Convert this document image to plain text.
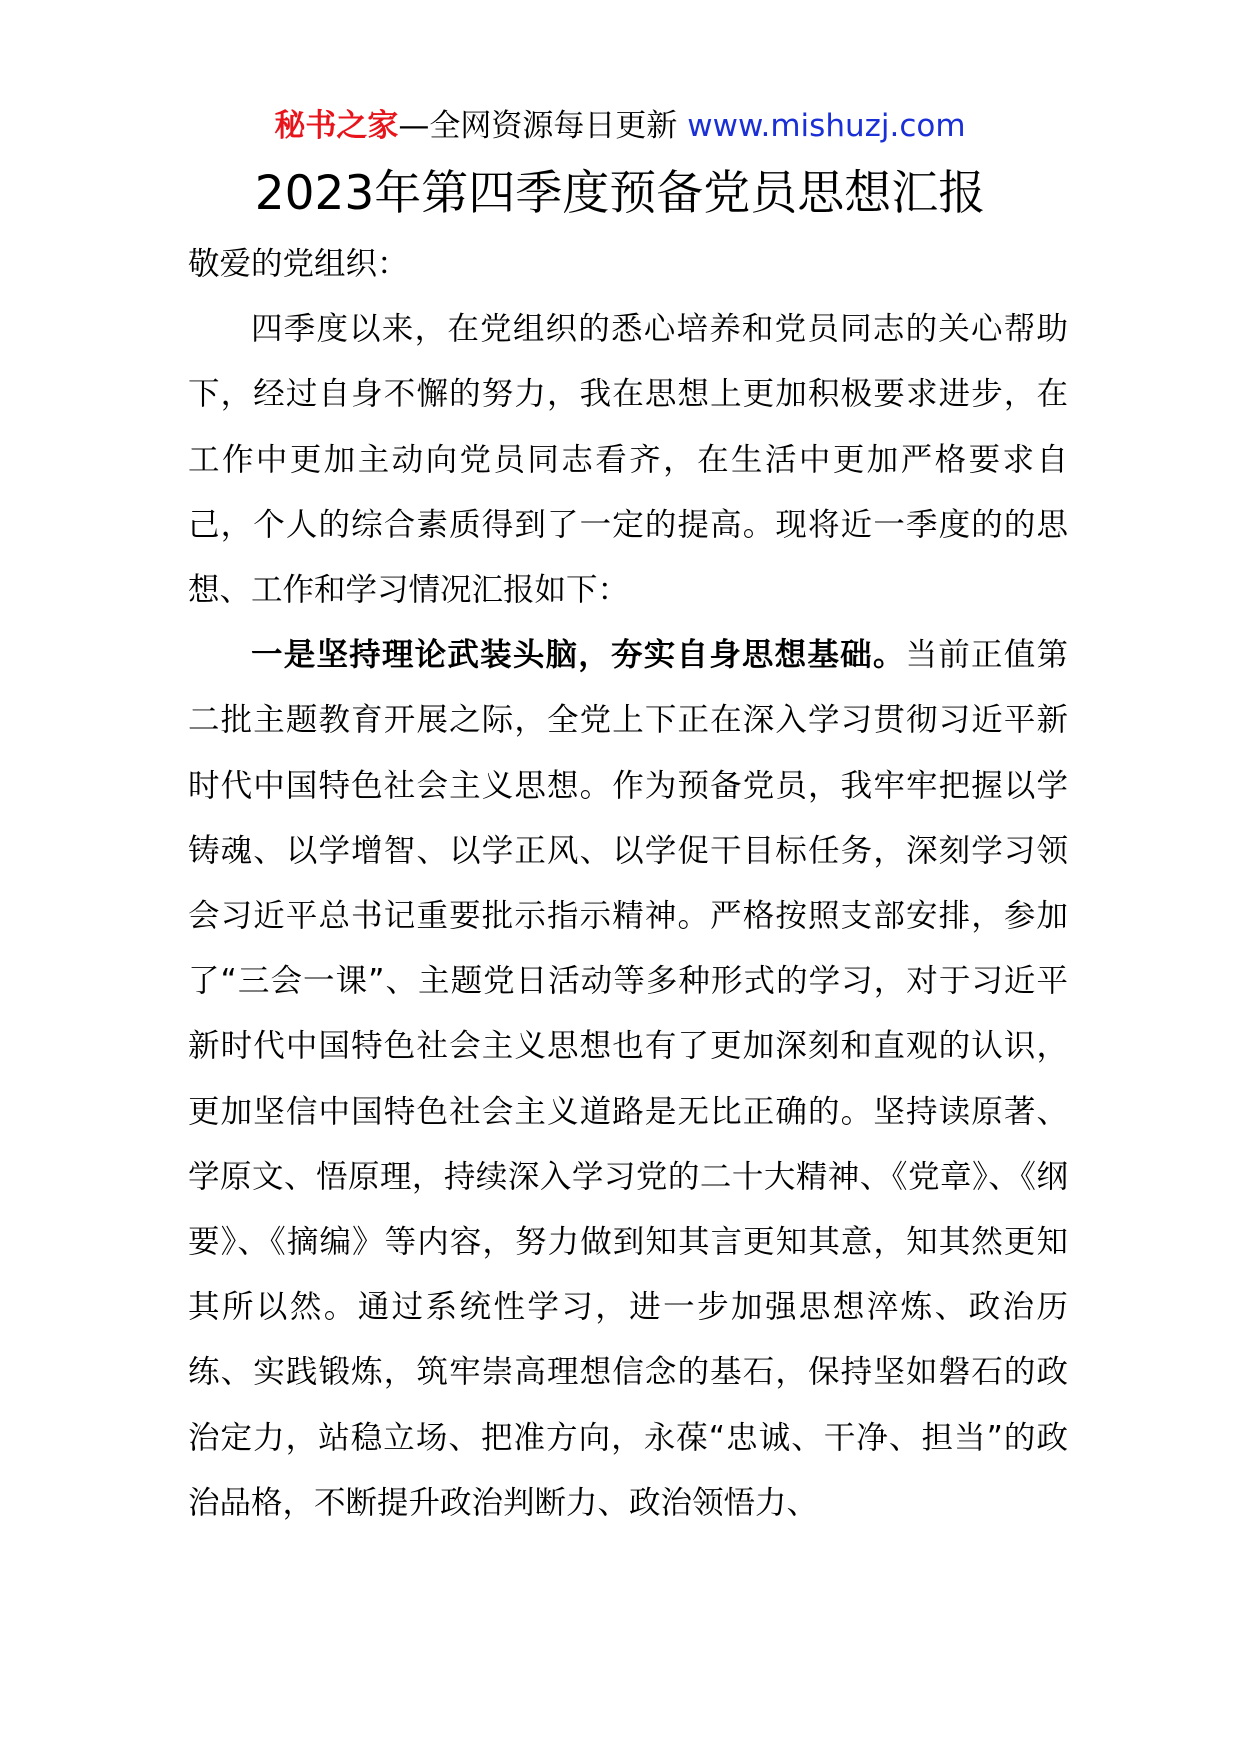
秘书之家—全网资源每日更新 www.mishuzj.com
2023年第四季度预备党员思想汇报

敬爱的党组织：

四季度以来，在党组织的悉心培养和党员同志的关心帮助下，经过自身不懈的努力，我在思想上更加积极要求进步，在工作中更加主动向党员同志看齐，在生活中更加严格要求自己，个人的综合素质得到了一定的提高。现将近一季度的的思想、工作和学习情况汇报如下：

一是坚持理论武装头脑，夯实自身思想基础。当前正值第二批主题教育开展之际，全党上下正在深入学习贯彻习近平新时代中国特色社会主义思想。作为预备党员，我牢牢把握以学铸魂、以学增智、以学正风、以学促干目标任务，深刻学习领会习近平总书记重要批示指示精神。严格按照支部安排，参加了“三会一课”、主题党日活动等多种形式的学习，对于习近平新时代中国特色社会主义思想也有了更加深刻和直观的认识，更加坚信中国特色社会主义道路是无比正确的。坚持读原著、学原文、悟原理，持续深入学习党的二十大精神、《党章》、《纲要》、《摘编》等内容，努力做到知其言更知其意，知其然更知其所以然。通过系统性学习，进一步加强思想淬炼、政治历练、实践锻炼，筑牢崇高理想信念的基石，保持坚如磐石的政治定力，站稳立场、把准方向，永葆“忠诚、干净、担当”的政治品格，不断提升政治判断力、政治领悟力、
